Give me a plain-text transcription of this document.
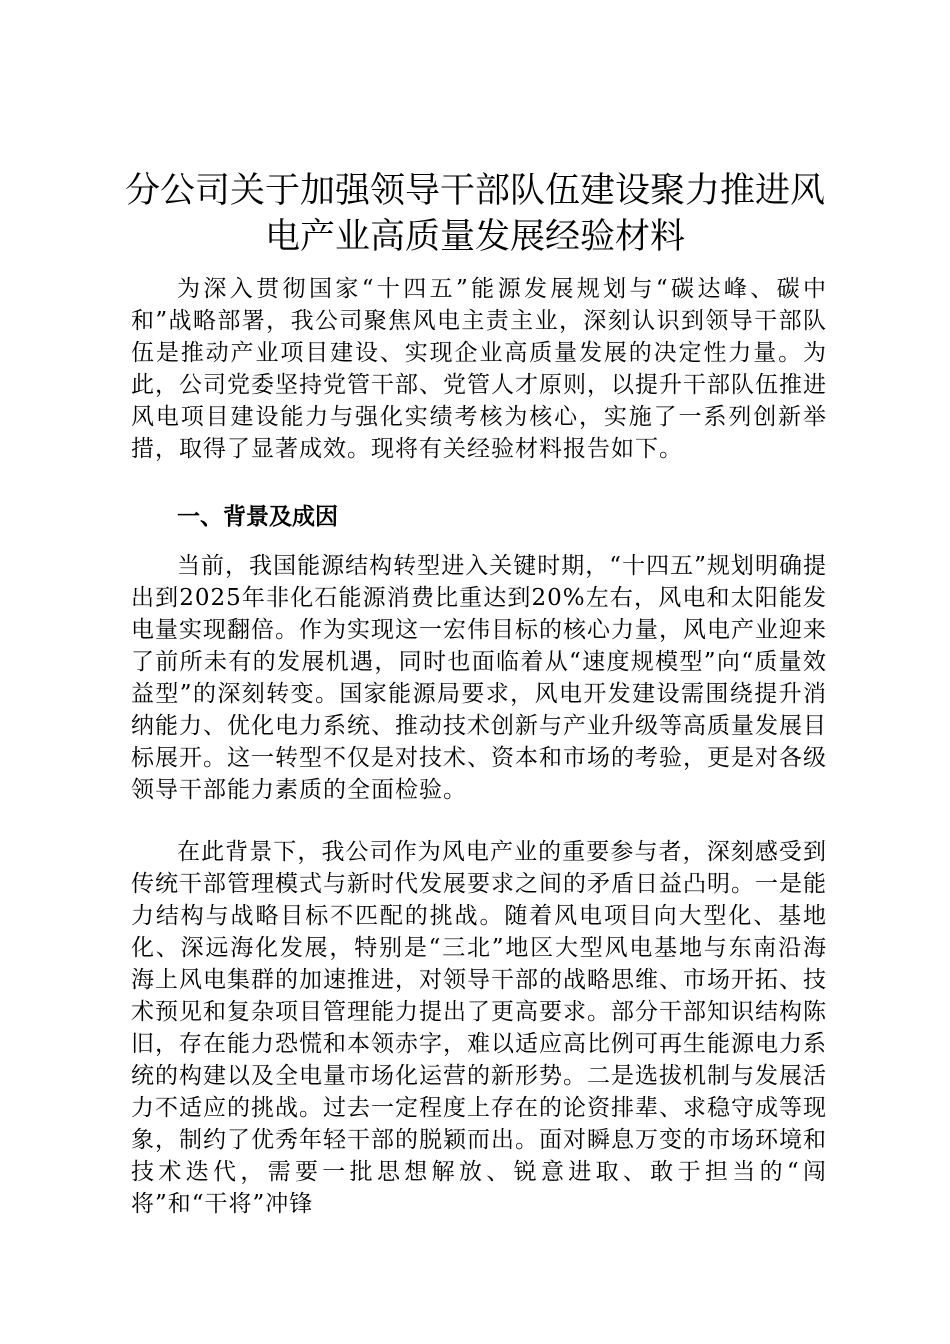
分公司关于加强领导干部队伍建设聚力推进风电产业高质量发展经验材料

为深入贯彻国家“十四五”能源发展规划与“碳达峰、碳中和”战略部署，我公司聚焦风电主责主业，深刻认识到领导干部队伍是推动产业项目建设、实现企业高质量发展的决定性力量。为此，公司党委坚持党管干部、党管人才原则，以提升干部队伍推进风电项目建设能力与强化实绩考核为核心，实施了一系列创新举措，取得了显著成效。现将有关经验材料报告如下。

一、背景及成因

当前，我国能源结构转型进入关键时期，“十四五”规划明确提出到2025年非化石能源消费比重达到20%左右，风电和太阳能发电量实现翻倍。作为实现这一宏伟目标的核心力量，风电产业迎来了前所未有的发展机遇，同时也面临着从“速度规模型”向“质量效益型”的深刻转变。国家能源局要求，风电开发建设需围绕提升消纳能力、优化电力系统、推动技术创新与产业升级等高质量发展目标展开。这一转型不仅是对技术、资本和市场的考验，更是对各级领导干部能力素质的全面检验。

在此背景下，我公司作为风电产业的重要参与者，深刻感受到传统干部管理模式与新时代发展要求之间的矛盾日益凸明。一是能力结构与战略目标不匹配的挑战。随着风电项目向大型化、基地化、深远海化发展，特别是“三北”地区大型风电基地与东南沿海海上风电集群的加速推进，对领导干部的战略思维、市场开拓、技术预见和复杂项目管理能力提出了更高要求。部分干部知识结构陈旧，存在能力恐慌和本领赤字，难以适应高比例可再生能源电力系统的构建以及全电量市场化运营的新形势。二是选拔机制与发展活力不适应的挑战。过去一定程度上存在的论资排辈、求稳守成等现象，制约了优秀年轻干部的脱颖而出。面对瞬息万变的市场环境和技术迭代，需要一批思想解放、锐意进取、敢于担当的“闯将”和“干将”冲锋
